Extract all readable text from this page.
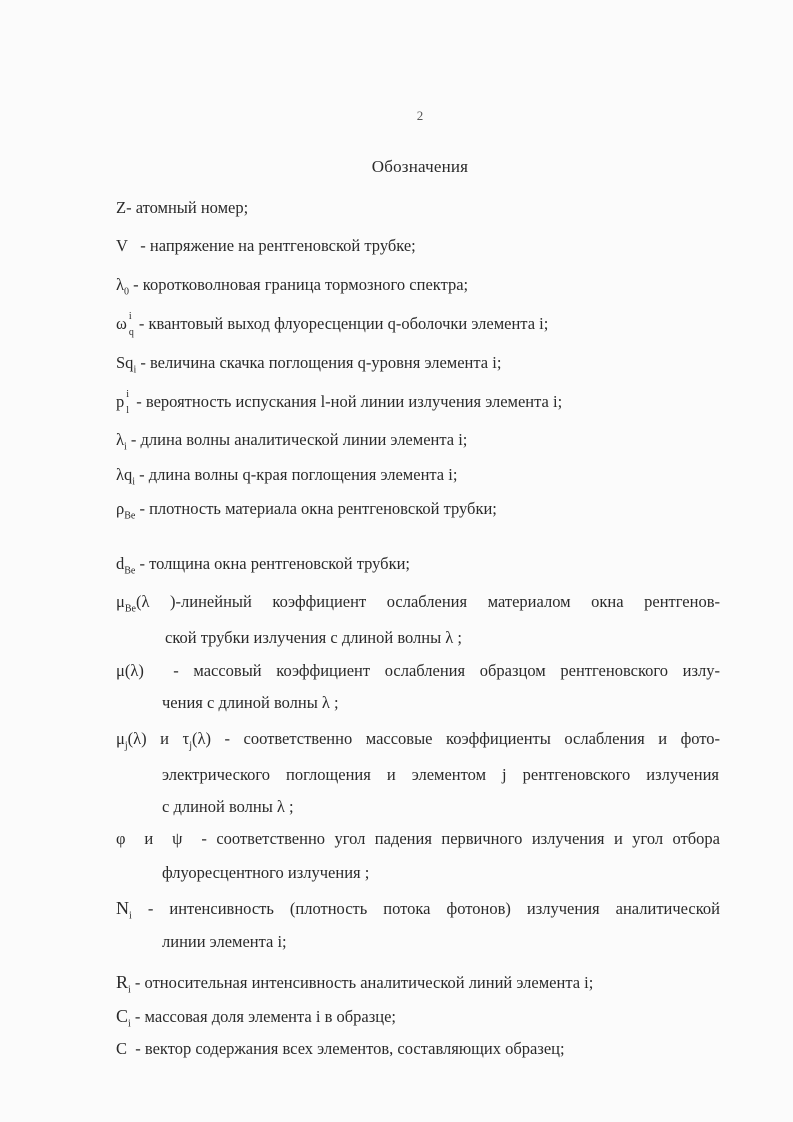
2
Обозначения
Z- атомный номер;
V - напряжение на рентгеновской трубке;
$\lambda_0$ - коротковолновая граница тормозного спектра;
ω i
q - квантовый выход флуоресценции q-оболочки элемента i;
$Sq_i$ - величина скачка поглощения q-уровня элемента i;
p i
l - вероятность испускания l-ной линии излучения элемента i;
$\lambda_i$ - длина волны аналитической линии элемента i;
$\lambda q_i$ - длина волны q-края поглощения элемента i;
$\rho_{Be}$ - плотность материала окна рентгеновской трубки;
$d_{Be}$ - толщина окна рентгеновской трубки;
$\mu_{Be}(\lambda$ )-линейный коэффициент ослабления материалом окна рентгенов-
ской трубки излучения с длиной волны λ ;
μ(λ) - массовый коэффициент ослабления образцом рентгеновского излу-
чения с длиной волны λ ;
$\mu_j(\lambda)$ и $\tau_j(\lambda)$ - соответственно массовые коэффициенты ослабления и фото-
электрического поглощения и элементом j рентгеновского излучения
с длиной волны λ ;
φ и ψ - соответственно угол падения первичного излучения и угол отбора
флуоресцентного излучения ;
$N_i$ - интенсивность (плотность потока фотонов) излучения аналитической
линии элемента i;
$R_i$ - относительная интенсивность аналитической линий элемента i;
$C_i$ - массовая доля элемента i в образце;
C - вектор содержания всех элементов, составляющих образец;
